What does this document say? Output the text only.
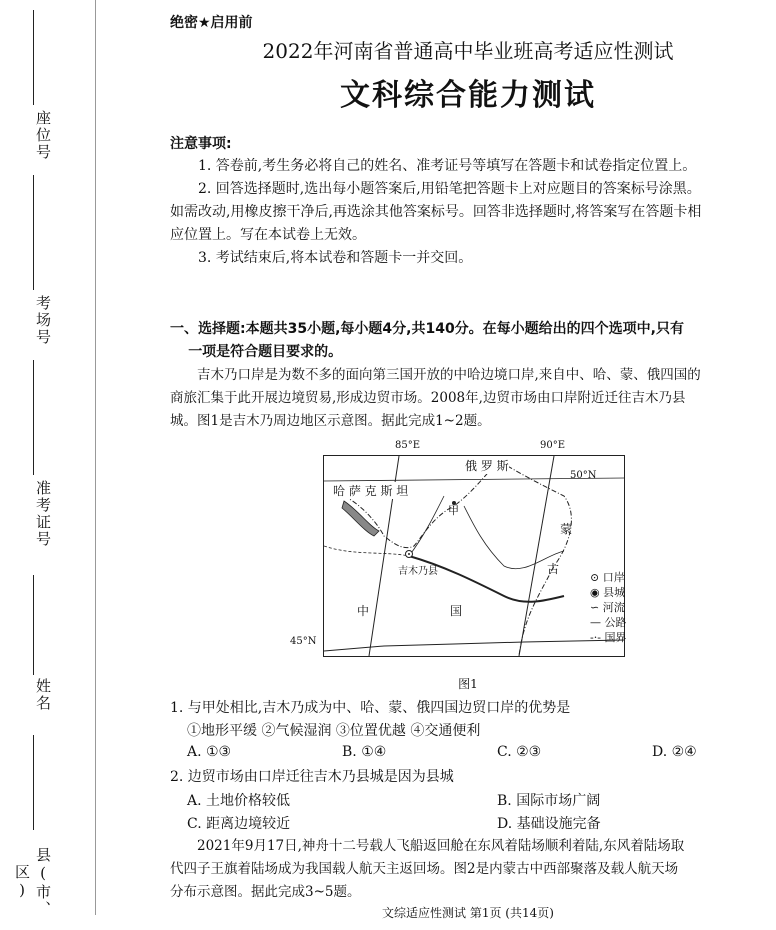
座位号
考场号
准考证号
姓名
县(市、区)
绝密★启用前
2022年河南省普通高中毕业班高考适应性测试
文科综合能力测试
注意事项:
1. 答卷前,考生务必将自己的姓名、准考证号等填写在答题卡和试卷指定位置上。
2. 回答选择题时,选出每小题答案后,用铅笔把答题卡上对应题目的答案标号涂黑。
如需改动,用橡皮擦干净后,再选涂其他答案标号。回答非选择题时,将答案写在答题卡相
应位置上。写在本试卷上无效。
3. 考试结束后,将本试卷和答题卡一并交回。
一、选择题:本题共35小题,每小题4分,共140分。在每小题给出的四个选项中,只有
一项是符合题目要求的。
吉木乃口岸是为数不多的面向第三国开放的中哈边境口岸,来自中、哈、蒙、俄四国的
商旅汇集于此开展边境贸易,形成边贸市场。2008年,边贸市场由口岸附近迁往吉木乃县
城。图1是吉木乃周边地区示意图。据此完成1~2题。
85°E	90°E
45°N
俄 罗 斯
50°N
哈 萨 克 斯 坦
甲
蒙
古
吉木乃县
中	国
⊙ 口岸
◉ 县城
∽ 河流
— 公路
-·- 国界
图1
1. 与甲处相比,吉木乃成为中、哈、蒙、俄四国边贸口岸的优势是
①地形平缓 ②气候湿润 ③位置优越 ④交通便利
A. ①③	B. ①④	C. ②③	D. ②④
2. 边贸市场由口岸迁往吉木乃县城是因为县城
A. 土地价格较低	B. 国际市场广阔
C. 距离边境较近	D. 基础设施完备
2021年9月17日,神舟十二号载人飞船返回舱在东风着陆场顺利着陆,东风着陆场取
代四子王旗着陆场成为我国载人航天主返回场。图2是内蒙古中西部聚落及载人航天场
分布示意图。据此完成3~5题。
文综适应性测试 第1页 (共14页)
